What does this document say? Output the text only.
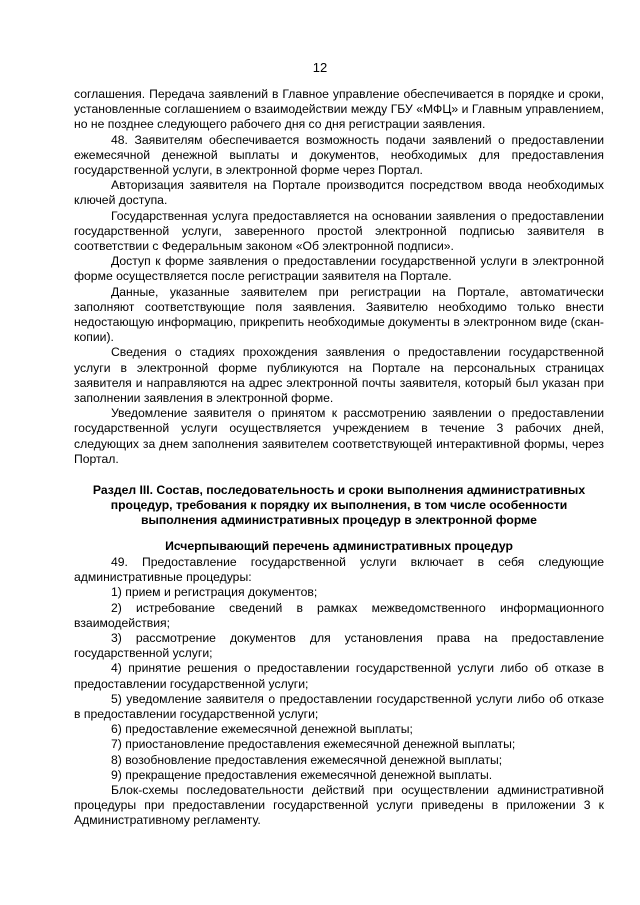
12

соглашения. Передача заявлений в Главное управление обеспечивается в порядке и сроки, установленные соглашением о взаимодействии между ГБУ «МФЦ» и Главным управлением, но не позднее следующего рабочего дня со дня регистрации заявления.

48. Заявителям обеспечивается возможность подачи заявлений о предоставлении ежемесячной денежной выплаты и документов, необходимых для предоставления государственной услуги, в электронной форме через Портал.

Авторизация заявителя на Портале производится посредством ввода необходимых ключей доступа.

Государственная услуга предоставляется на основании заявления о предоставлении государственной услуги, заверенного простой электронной подписью заявителя в соответствии с Федеральным законом «Об электронной подписи».

Доступ к форме заявления о предоставлении государственной услуги в электронной форме осуществляется после регистрации заявителя на Портале.

Данные, указанные заявителем при регистрации на Портале, автоматически заполняют соответствующие поля заявления. Заявителю необходимо только внести недостающую информацию, прикрепить необходимые документы в электронном виде (скан-копии).

Сведения о стадиях прохождения заявления о предоставлении государственной услуги в электронной форме публикуются на Портале на персональных страницах заявителя и направляются на адрес электронной почты заявителя, который был указан при заполнении заявления в электронной форме.

Уведомление заявителя о принятом к рассмотрению заявлении о предоставлении государственной услуги осуществляется учреждением в течение 3 рабочих дней, следующих за днем заполнения заявителем соответствующей интерактивной формы, через Портал.

Раздел III. Состав, последовательность и сроки выполнения административных процедур, требования к порядку их выполнения, в том числе особенности выполнения административных процедур в электронной форме

Исчерпывающий перечень административных процедур

49. Предоставление государственной услуги включает в себя следующие административные процедуры:

1) прием и регистрация документов;

2) истребование сведений в рамках межведомственного информационного взаимодействия;

3) рассмотрение документов для установления права на предоставление государственной услуги;

4) принятие решения о предоставлении государственной услуги либо об отказе в предоставлении государственной услуги;

5) уведомление заявителя о предоставлении государственной услуги либо об отказе в предоставлении государственной услуги;

6) предоставление ежемесячной денежной выплаты;

7) приостановление предоставления ежемесячной денежной выплаты;

8) возобновление предоставления ежемесячной денежной выплаты;

9) прекращение предоставления ежемесячной денежной выплаты.

Блок-схемы последовательности действий при осуществлении административной процедуры при предоставлении государственной услуги приведены в приложении 3 к Административному регламенту.
